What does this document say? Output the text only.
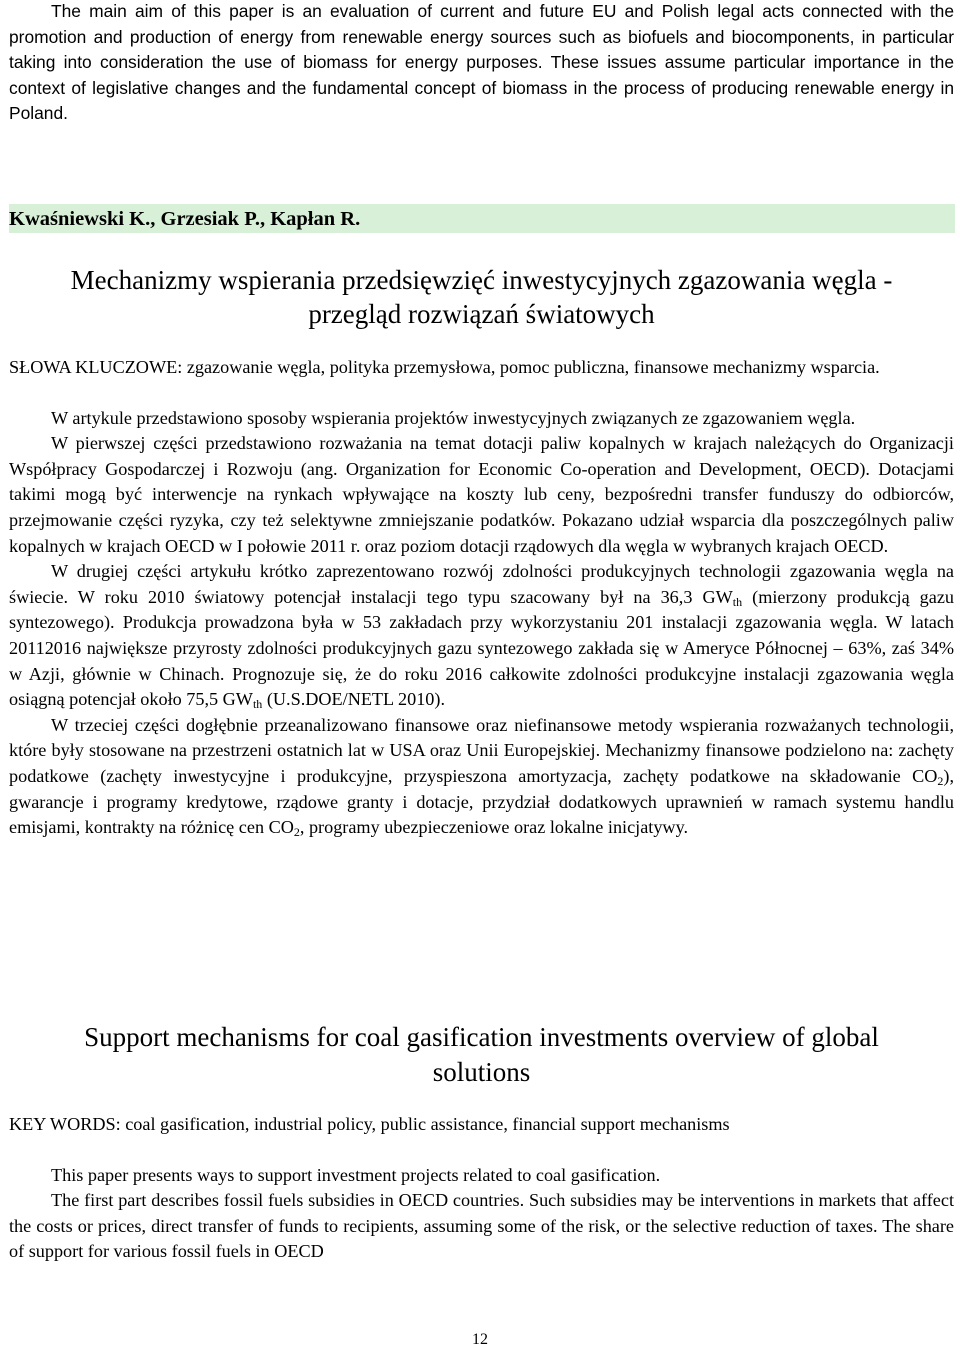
The main aim of this paper is an evaluation of current and future EU and Polish legal acts connected with the promotion and production of energy from renewable energy sources such as biofuels and biocomponents, in particular taking into consideration the use of biomass for energy purposes. These issues assume particular importance in the context of legislative changes and the fundamental concept of biomass in the process of producing renewable energy in Poland.

Kwaśniewski K., Grzesiak P., Kapłan R.
Mechanizmy wspierania przedsięwzięć inwestycyjnych zgazowania węgla -
przegląd rozwiązań światowych

SŁOWA KLUCZOWE: zgazowanie węgla, polityka przemysłowa, pomoc publiczna, finansowe mechanizmy wsparcia.

W artykule przedstawiono sposoby wspierania projektów inwestycyjnych związanych ze zgazowaniem węgla.

W pierwszej części przedstawiono rozważania na temat dotacji paliw kopalnych w krajach należących do Organizacji Współpracy Gospodarczej i Rozwoju (ang. Organization for Economic Co-operation and Development, OECD). Dotacjami takimi mogą być interwencje na rynkach wpływające na koszty lub ceny, bezpośredni transfer funduszy do odbiorców, przejmowanie części ryzyka, czy też selektywne zmniejszanie podatków. Pokazano udział wsparcia dla poszczególnych paliw kopalnych w krajach OECD w I połowie 2011 r. oraz poziom dotacji rządowych dla węgla w wybranych krajach OECD.

W drugiej części artykułu krótko zaprezentowano rozwój zdolności produkcyjnych technologii zgazowania węgla na świecie. W roku 2010 światowy potencjał instalacji tego typu szacowany był na 36,3 $GW_{th}$ (mierzony produkcją gazu syntezowego). Produkcja prowadzona była w 53 zakładach przy wykorzystaniu 201 instalacji zgazowania węgla. W latach 20112016 największe przyrosty zdolności produkcyjnych gazu syntezowego zakłada się w Ameryce Północnej – 63%, zaś 34% w Azji, głównie w Chinach. Prognozuje się, że do roku 2016 całkowite zdolności produkcyjne instalacji zgazowania węgla osiągną potencjał około 75,5 $GW_{th}$ (U.S.DOE/NETL 2010).

W trzeciej części dogłębnie przeanalizowano finansowe oraz niefinansowe metody wspierania rozważanych technologii, które były stosowane na przestrzeni ostatnich lat w USA oraz Unii Europejskiej. Mechanizmy finansowe podzielono na: zachęty podatkowe (zachęty inwestycyjne i produkcyjne, przyspieszona amortyzacja, zachęty podatkowe na składowanie $CO_2$), gwarancje i programy kredytowe, rządowe granty i dotacje, przydział dodatkowych uprawnień w ramach systemu handlu emisjami, kontrakty na różnicę cen $CO_2$, programy ubezpieczeniowe oraz lokalne inicjatywy.

Support mechanisms for coal gasification investments overview of global
solutions

KEY WORDS: coal gasification, industrial policy, public assistance, financial support mechanisms

This paper presents ways to support investment projects related to coal gasification.

The first part describes fossil fuels subsidies in OECD countries. Such subsidies may be interventions in markets that affect the costs or prices, direct transfer of funds to recipients, assuming some of the risk, or the selective reduction of taxes. The share of support for various fossil fuels in OECD

12
